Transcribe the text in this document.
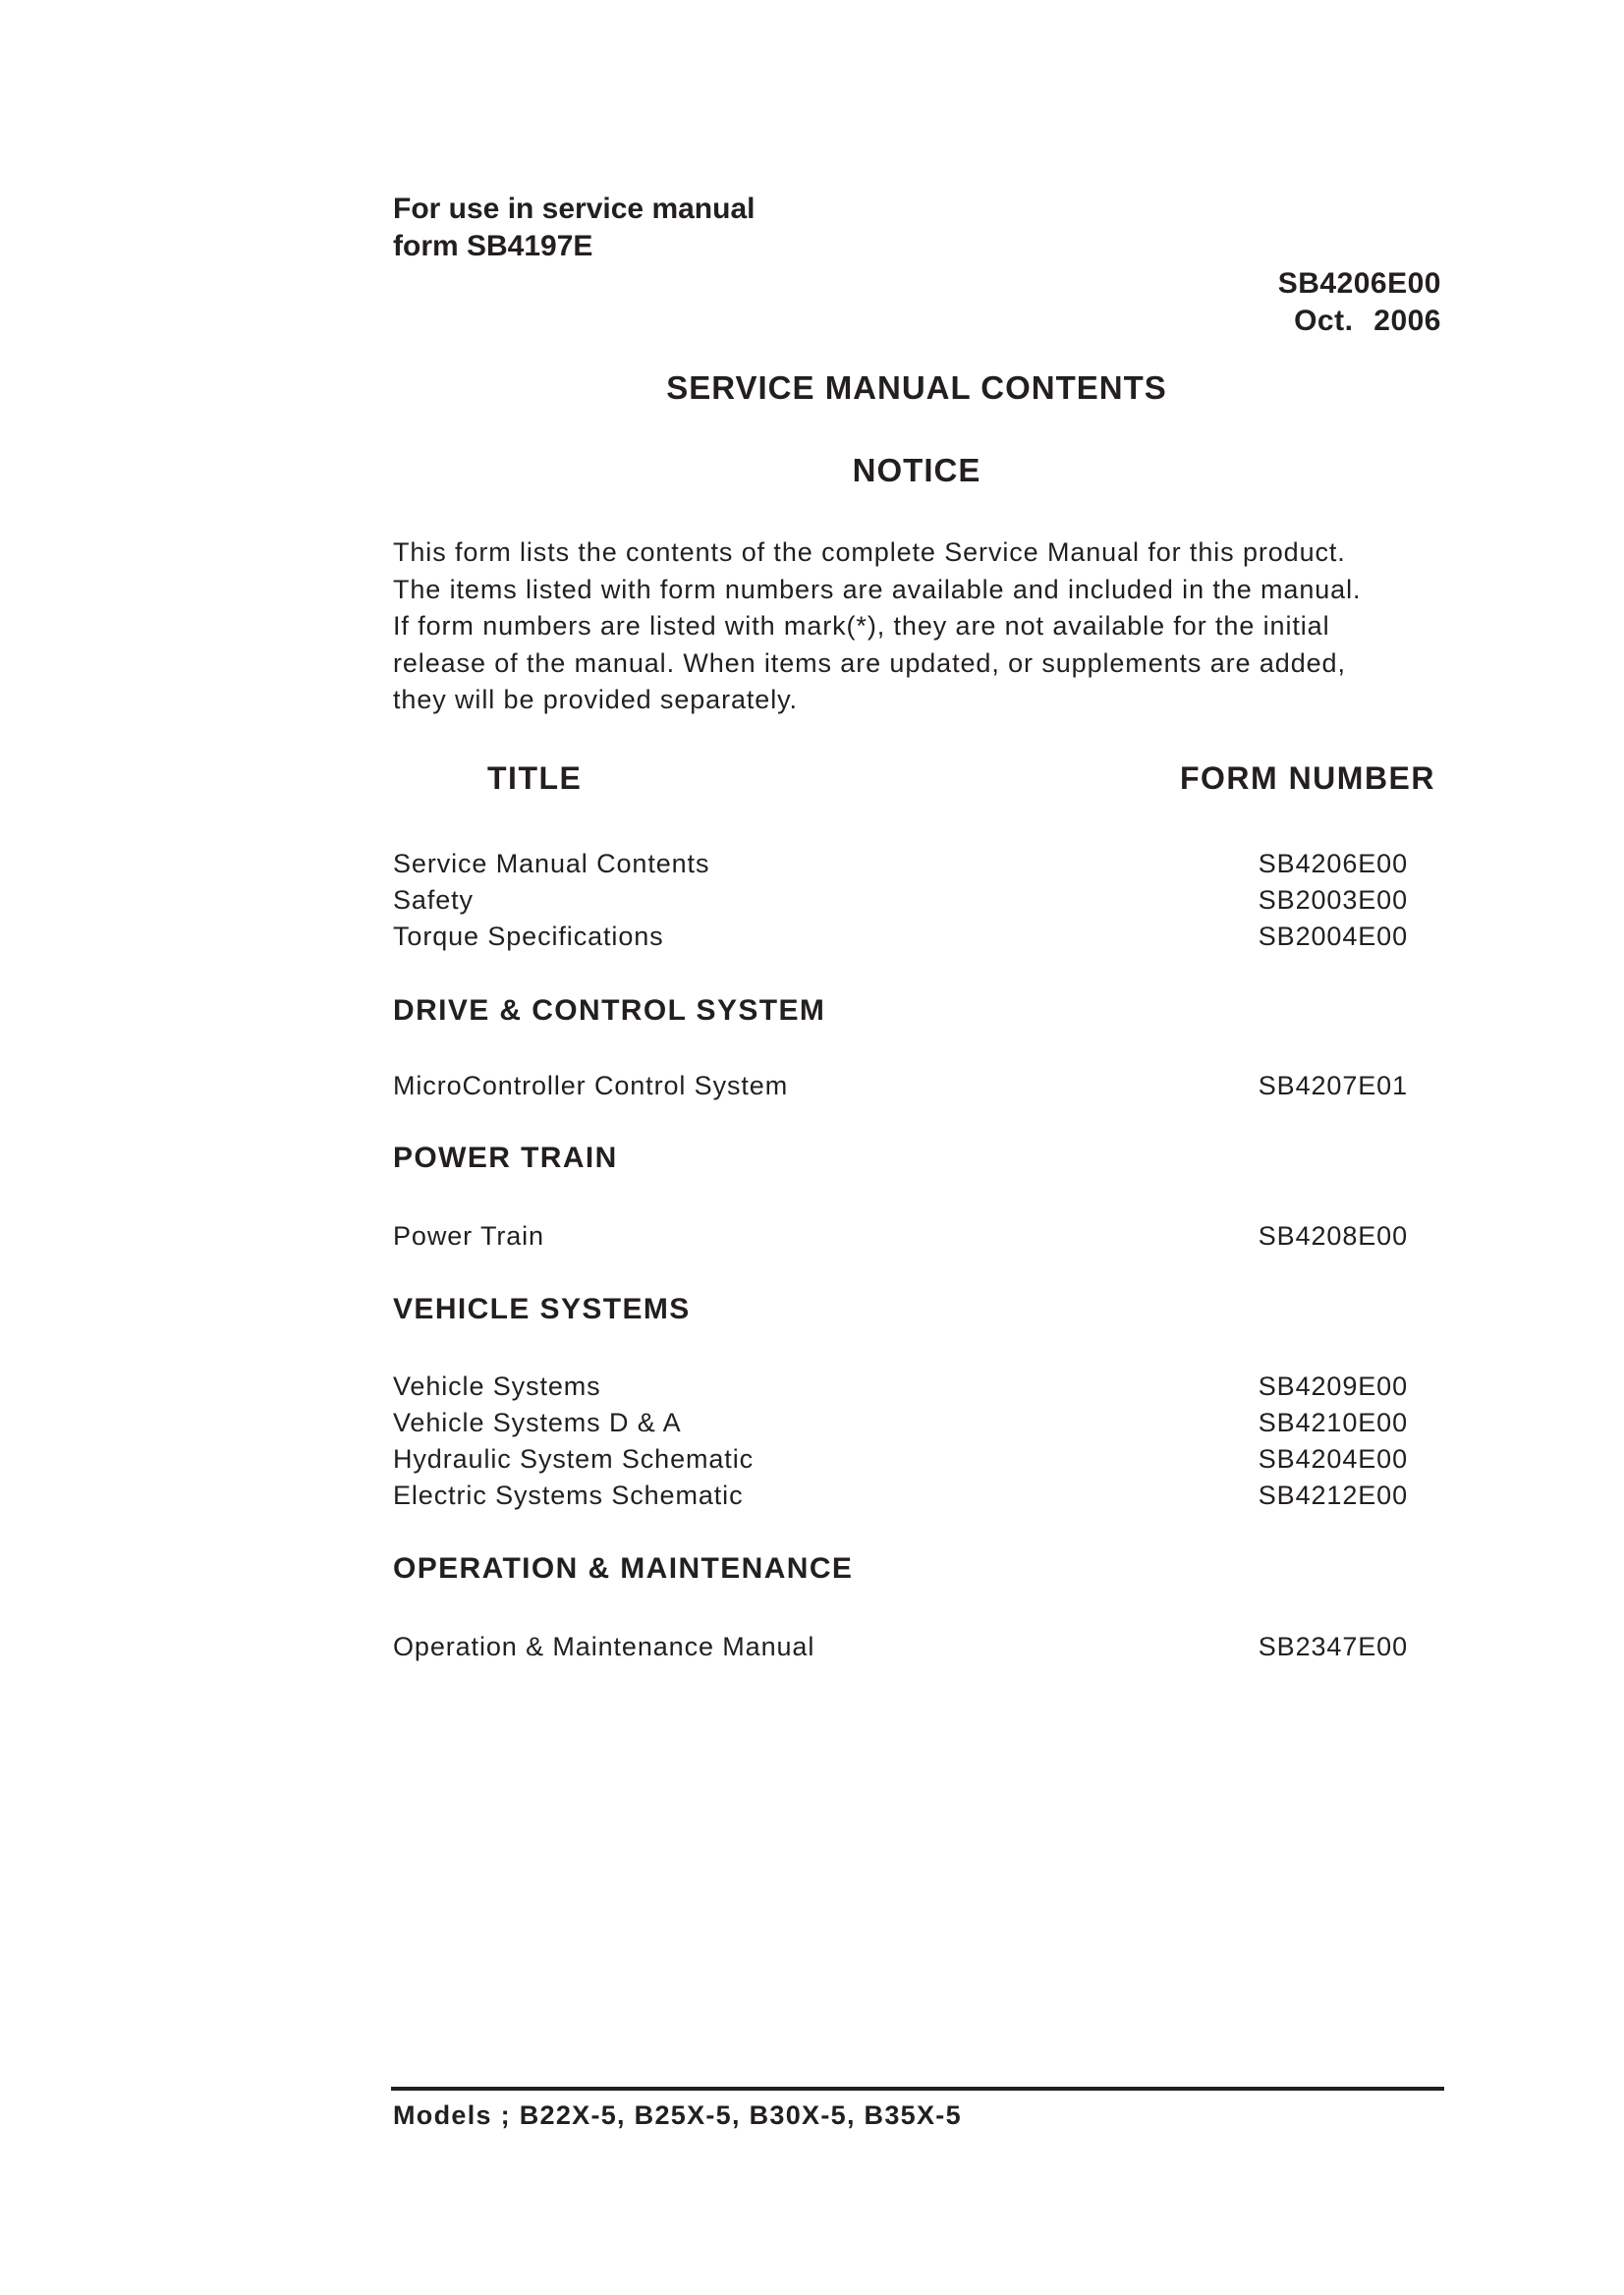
For use in service manual
form SB4197E
SB4206E00
Oct. 2006
SERVICE MANUAL CONTENTS
NOTICE
This form lists the contents of the complete Service Manual for this product.
The items listed with form numbers are available and included in the manual.
If form numbers are listed with mark(*), they are not available for the initial
release of the manual. When items are updated, or supplements are added,
they will be provided separately.
TITLE	FORM NUMBER
Service Manual Contents	SB4206E00
Safety	SB2003E00
Torque Specifications	SB2004E00
DRIVE & CONTROL SYSTEM
MicroController Control System	SB4207E01
POWER TRAIN
Power Train	SB4208E00
VEHICLE SYSTEMS
Vehicle Systems	SB4209E00
Vehicle Systems D & A	SB4210E00
Hydraulic System Schematic	SB4204E00
Electric Systems Schematic	SB4212E00
OPERATION & MAINTENANCE
Operation & Maintenance Manual	SB2347E00
Models ; B22X-5, B25X-5, B30X-5, B35X-5
